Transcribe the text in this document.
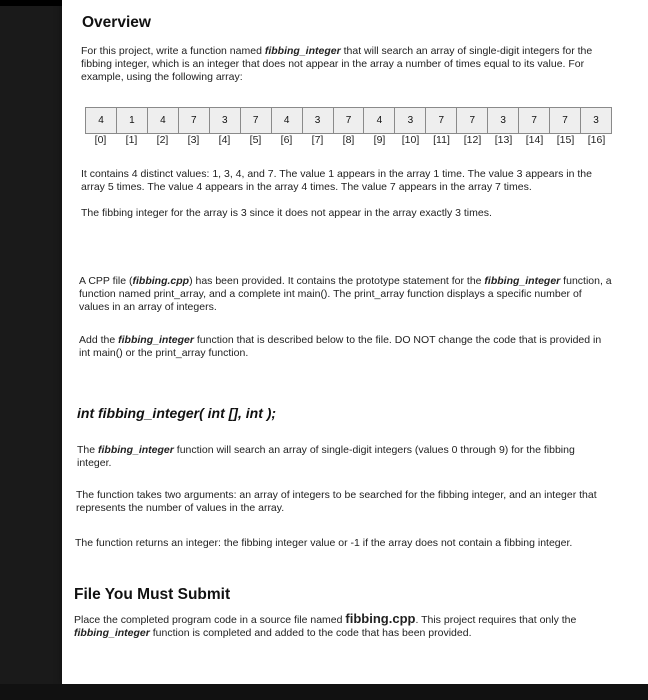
Overview
For this project, write a function named fibbing_integer that will search an array of single-digit integers for the fibbing integer, which is an integer that does not appear in the array a number of times equal to its value. For example, using the following array:
4	1	4	7	3	7	4	3	7	4	3	7	7	3	7	7	3
[0]	[1]	[2]	[3]	[4]	[5]	[6]	[7]	[8]	[9]	[10]	[11]	[12]	[13]	[14]	[15]	[16]
It contains 4 distinct values: 1, 3, 4, and 7. The value 1 appears in the array 1 time. The value 3 appears in the array 5 times. The value 4 appears in the array 4 times. The value 7 appears in the array 7 times.
The fibbing integer for the array is 3 since it does not appear in the array exactly 3 times.
A CPP file (fibbing.cpp) has been provided. It contains the prototype statement for the fibbing_integer function, a function named print_array, and a complete int main(). The print_array function displays a specific number of values in an array of integers.
Add the fibbing_integer function that is described below to the file. DO NOT change the code that is provided in int main() or the print_array function.
int fibbing_integer( int [], int );
The fibbing_integer function will search an array of single-digit integers (values 0 through 9) for the fibbing integer.
The function takes two arguments: an array of integers to be searched for the fibbing integer, and an integer that represents the number of values in the array.
The function returns an integer: the fibbing integer value or -1 if the array does not contain a fibbing integer.
File You Must Submit
Place the completed program code in a source file named fibbing.cpp. This project requires that only the fibbing_integer function is completed and added to the code that has been provided.
